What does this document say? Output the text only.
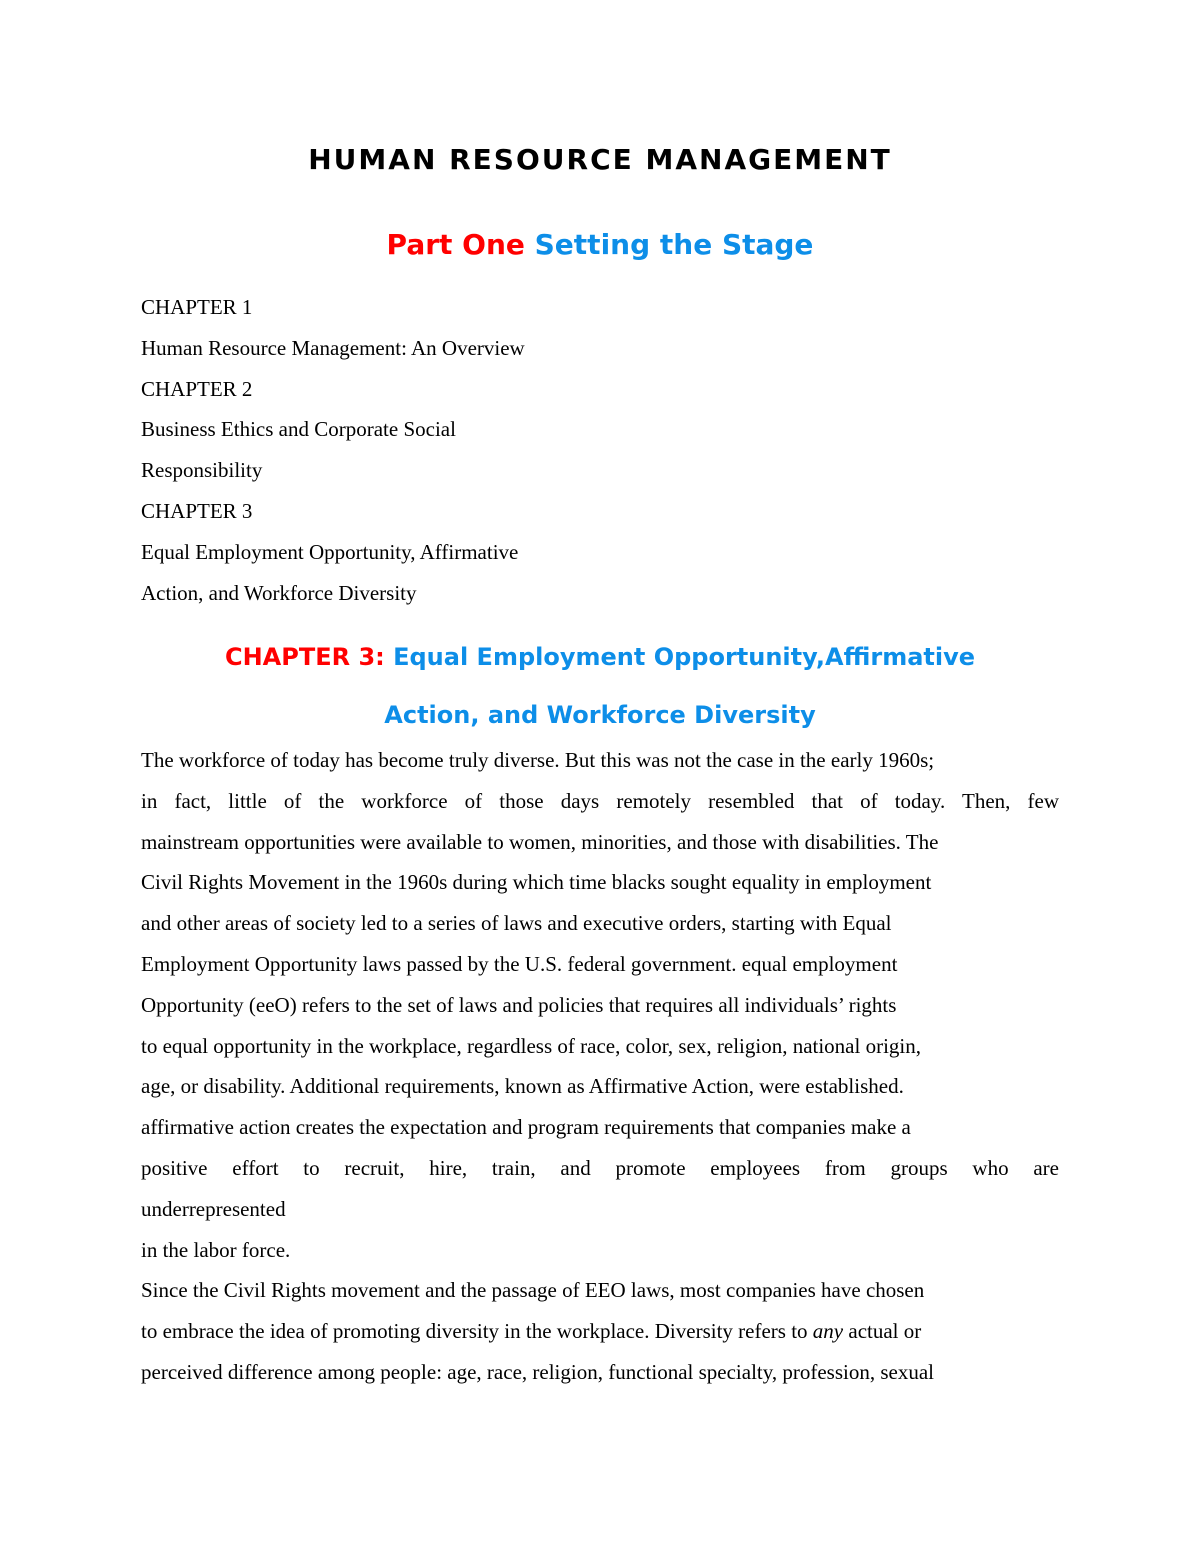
HUMAN RESOURCE MANAGEMENT
Part One Setting the Stage
CHAPTER 1
Human Resource Management: An Overview
CHAPTER 2
Business Ethics and Corporate Social
Responsibility
CHAPTER 3
Equal Employment Opportunity, Affirmative
Action, and Workforce Diversity
CHAPTER 3: Equal Employment Opportunity,Affirmative
Action, and Workforce Diversity
The workforce of today has become truly diverse. But this was not the case in the early 1960s;
in fact, little of the workforce of those days remotely resembled that of today. Then, few
mainstream opportunities were available to women, minorities, and those with disabilities. The
Civil Rights Movement in the 1960s during which time blacks sought equality in employment
and other areas of society led to a series of laws and executive orders, starting with Equal
Employment Opportunity laws passed by the U.S. federal government. equal employment
Opportunity (eeO) refers to the set of laws and policies that requires all individuals’ rights
to equal opportunity in the workplace, regardless of race, color, sex, religion, national origin,
age, or disability. Additional requirements, known as Affirmative Action, were established.
affirmative action creates the expectation and program requirements that companies make a
positive effort to recruit, hire, train, and promote employees from groups who are
underrepresented
in the labor force.
Since the Civil Rights movement and the passage of EEO laws, most companies have chosen
to embrace the idea of promoting diversity in the workplace. Diversity refers to any actual or
perceived difference among people: age, race, religion, functional specialty, profession, sexual
